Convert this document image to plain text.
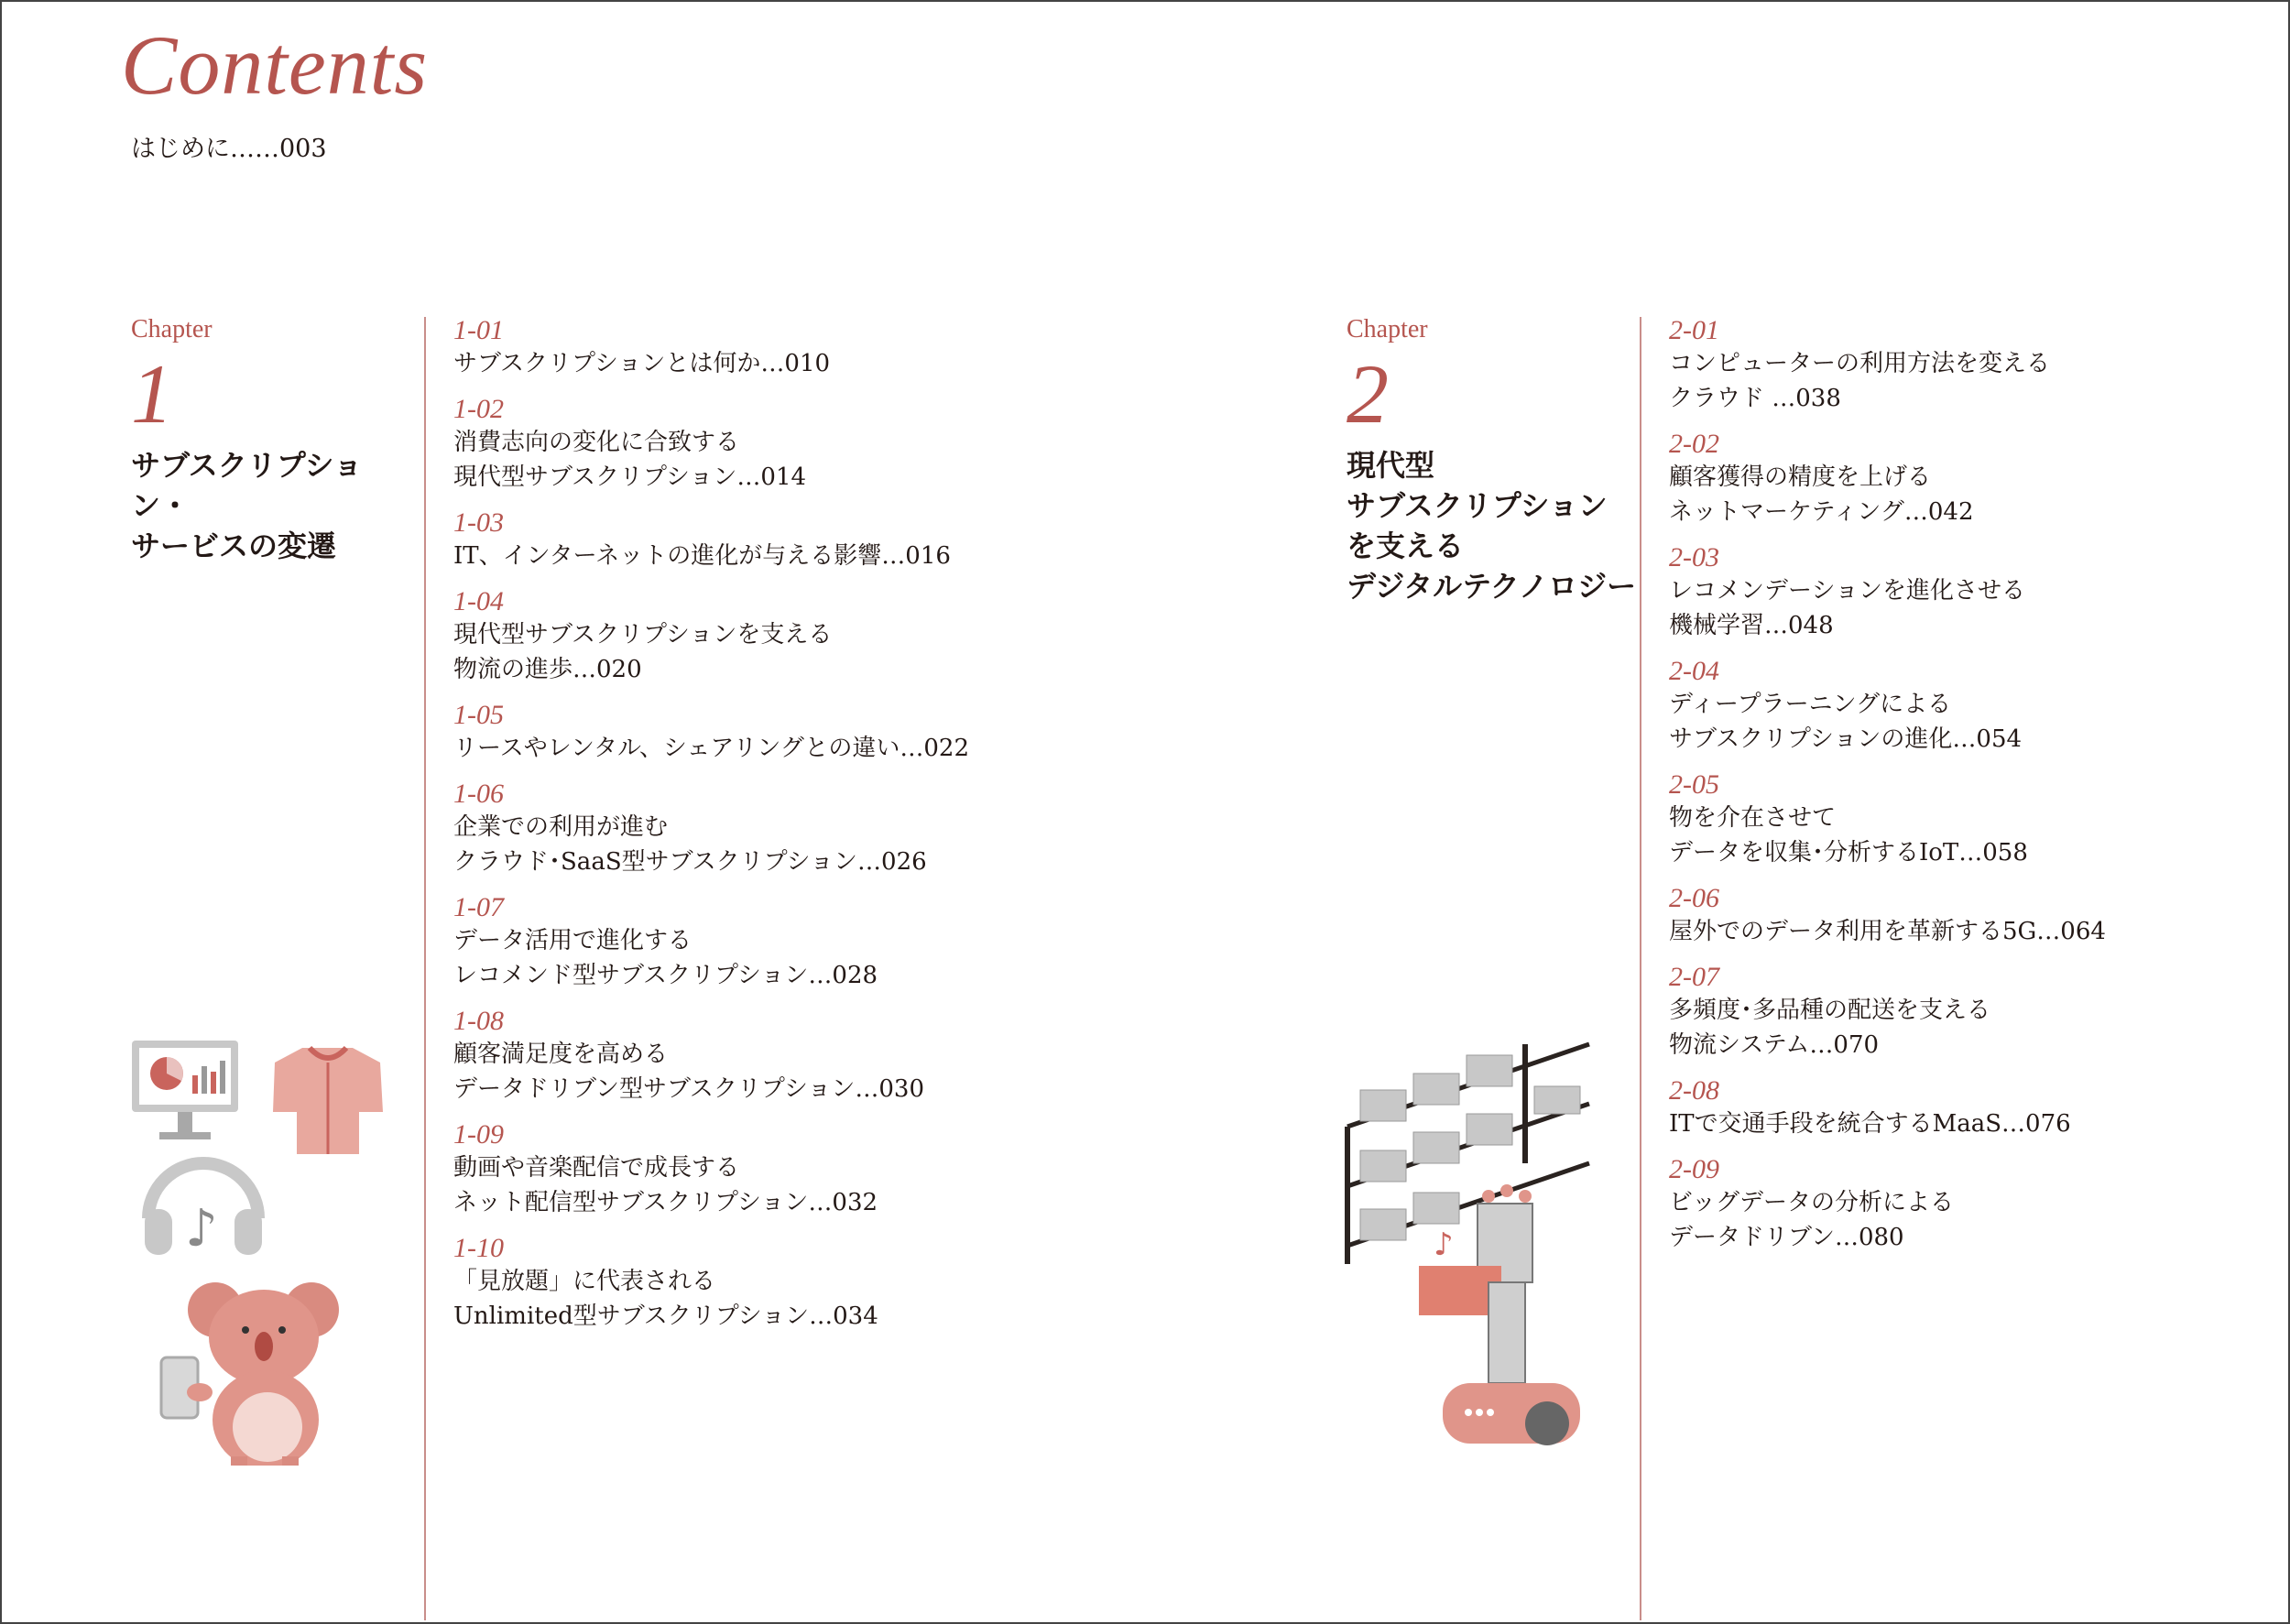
Contents
はじめに……003
Chapter
1
サブスクリプション・
サービスの変遷
1-01
サブスクリプションとは何か…010
1-02
消費志向の変化に合致する
現代型サブスクリプション…014
1-03
IT、インターネットの進化が与える影響…016
1-04
現代型サブスクリプションを支える
物流の進歩…020
1-05
リースやレンタル、シェアリングとの違い…022
1-06
企業での利用が進む
クラウド･SaaS型サブスクリプション…026
1-07
データ活用で進化する
レコメンド型サブスクリプション…028
1-08
顧客満足度を高める
データドリブン型サブスクリプション…030
1-09
動画や音楽配信で成長する
ネット配信型サブスクリプション…032
1-10
「見放題」に代表される
Unlimited型サブスクリプション…034
♪
Chapter
2
現代型
サブスクリプション
を支える
デジタルテクノロジー
2-01
コンピューターの利用方法を変える
クラウド …038
2-02
顧客獲得の精度を上げる
ネットマーケティング…042
2-03
レコメンデーションを進化させる
機械学習…048
2-04
ディープラーニングによる
サブスクリプションの進化…054
2-05
物を介在させて
データを収集･分析するIoT…058
2-06
屋外でのデータ利用を革新する5G…064
2-07
多頻度･多品種の配送を支える
物流システム…070
2-08
ITで交通手段を統合するMaaS…076
2-09
ビッグデータの分析による
データドリブン…080
♪
